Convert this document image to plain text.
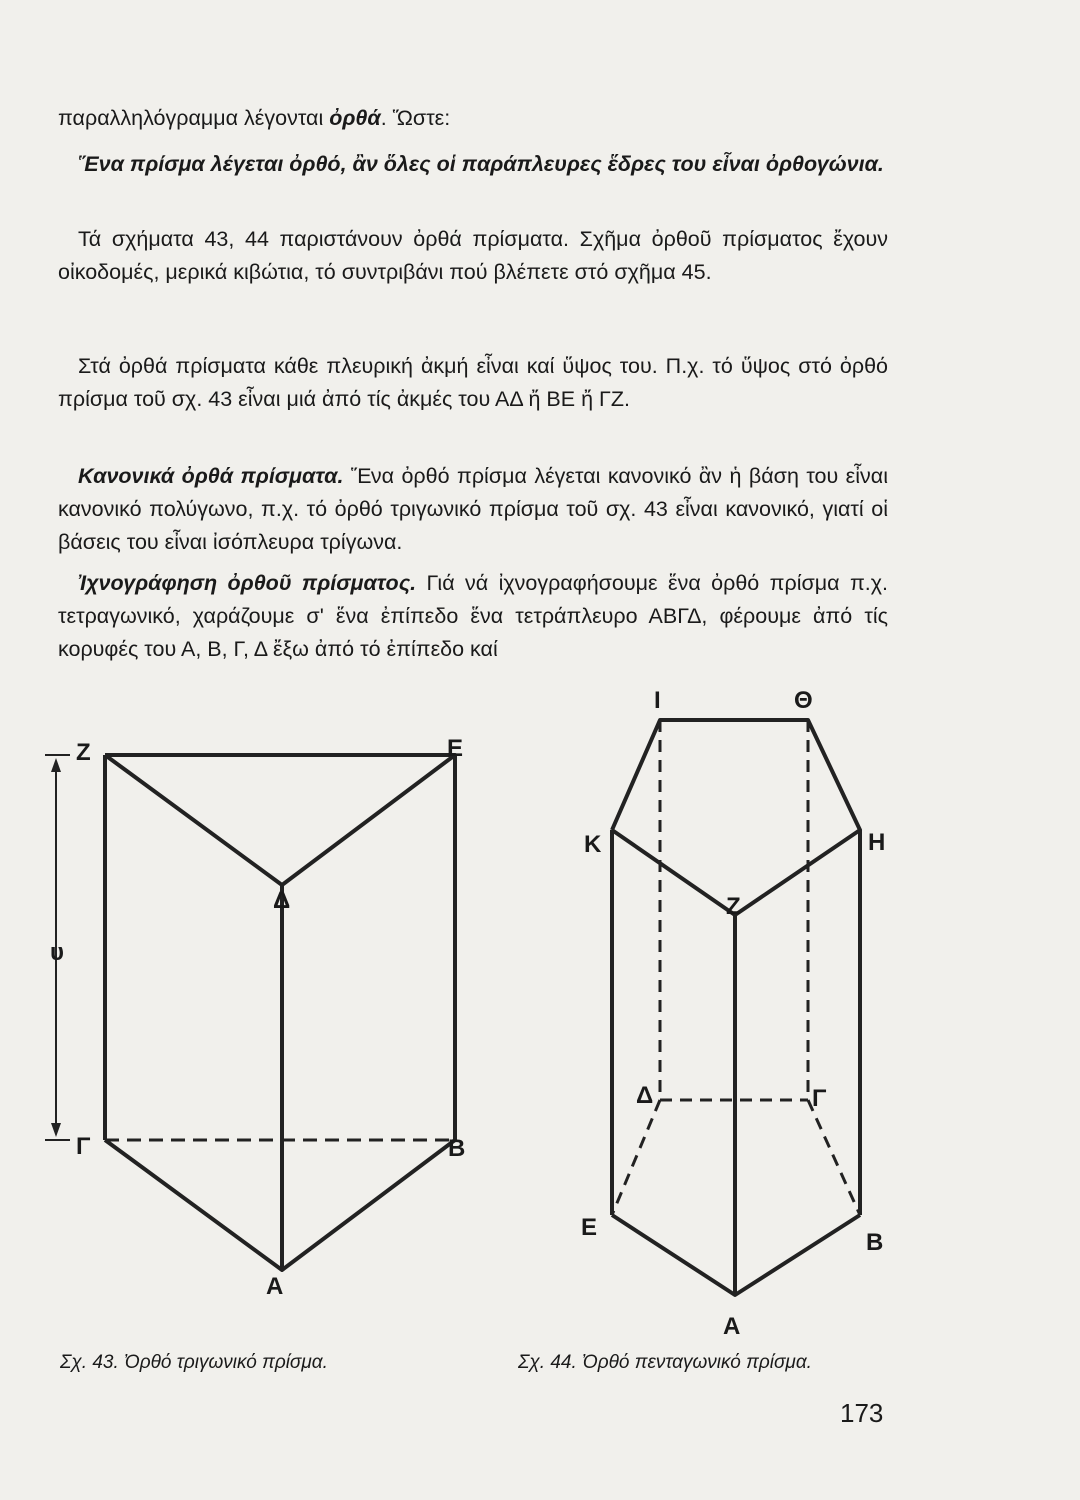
παραλληλόγραμμα λέγονται ὀρθά. Ὥστε:

Ἕνα πρίσμα λέγεται ὀρθό, ἂν ὅλες οἱ παράπλευρες ἕδρες του εἶναι ὀρθογώνια.

Τά σχήματα 43, 44 παριστάνουν ὀρθά πρίσματα. Σχῆμα ὀρθοῦ πρίσματος ἔχουν οἰκοδομές, μερικά κιβώτια, τό συντριβάνι πού βλέπετε στό σχῆμα 45.

Στά ὀρθά πρίσματα κάθε πλευρική ἀκμή εἶναι καί ὕψος του. Π.χ. τό ὕψος στό ὀρθό πρίσμα τοῦ σχ. 43 εἶναι μιά ἀπό τίς ἀκμές του ΑΔ ἤ ΒΕ ἤ ΓΖ.

Κανονικά ὀρθά πρίσματα. Ἕνα ὀρθό πρίσμα λέγεται κανονικό ἂν ἡ βάση του εἶναι κανονικό πολύγωνο, π.χ. τό ὀρθό τριγωνικό πρίσμα τοῦ σχ. 43 εἶναι κανονικό, γιατί οἱ βάσεις του εἶναι ἰσόπλευρα τρίγωνα.

Ἰχνογράφηση ὀρθοῦ πρίσματος. Γιά νά ἰχνογραφήσουμε ἕνα ὀρθό πρίσμα π.χ. τετραγωνικό, χαράζουμε σ' ἕνα ἐπίπεδο ἕνα τετράπλευρο ΑΒΓΔ, φέρουμε ἀπό τίς κορυφές του Α, Β, Γ, Δ ἔξω ἀπό τό ἐπίπεδο καί

Z	E
Δ
υ
Γ	B
A
I	Θ
K	H
Z
Δ	Γ
E
B
A

Σχ. 43. Ὀρθό τριγωνικό πρίσμα.	Σχ. 44. Ὀρθό πενταγωνικό πρίσμα.

173
